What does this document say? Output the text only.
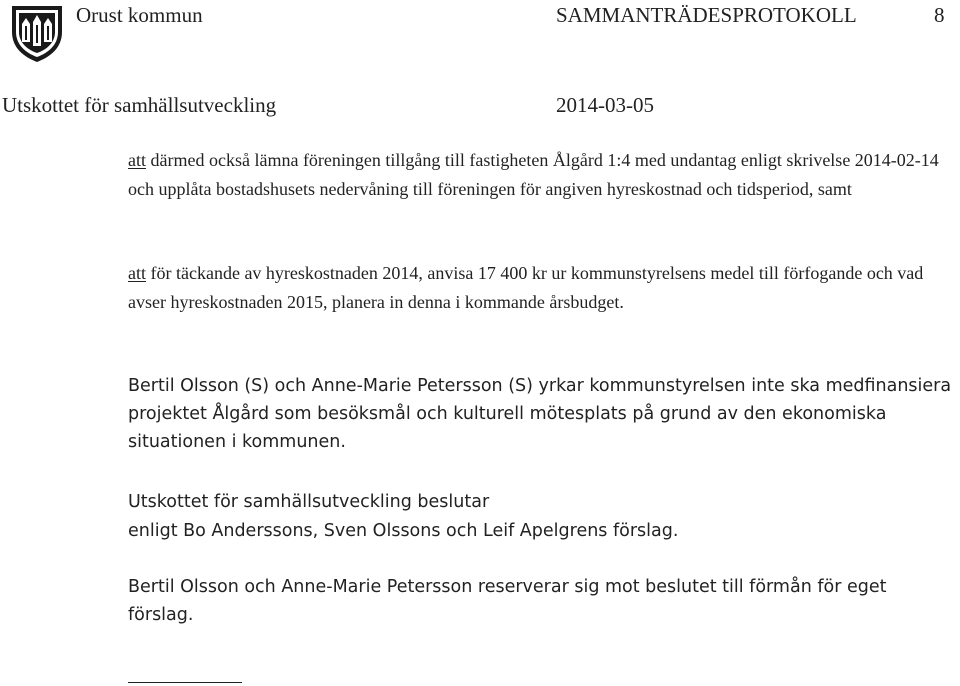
Orust kommun	SAMMANTRÄDESPROTOKOLL	8
Utskottet för samhällsutveckling	2014-03-05

att därmed också lämna föreningen tillgång till fastigheten Ålgård 1:4 med undantag enligt skrivelse 2014-02-14 och upplåta bostadshusets nedervåning till föreningen för angiven hyreskostnad och tidsperiod, samt

att för täckande av hyreskostnaden 2014, anvisa 17 400 kr ur kommunstyrelsens medel till förfogande och vad avser hyreskostnaden 2015, planera in denna i kommande årsbudget.

Bertil Olsson (S) och Anne-Marie Petersson (S) yrkar kommunstyrelsen inte ska medfinansiera projektet Ålgård som besöksmål och kulturell mötesplats på grund av den ekonomiska situationen i kommunen.

Utskottet för samhällsutveckling beslutar

enligt Bo Anderssons, Sven Olssons och Leif Apelgrens förslag.

Bertil Olsson och Anne-Marie Petersson reserverar sig mot beslutet till förmån för eget förslag.
